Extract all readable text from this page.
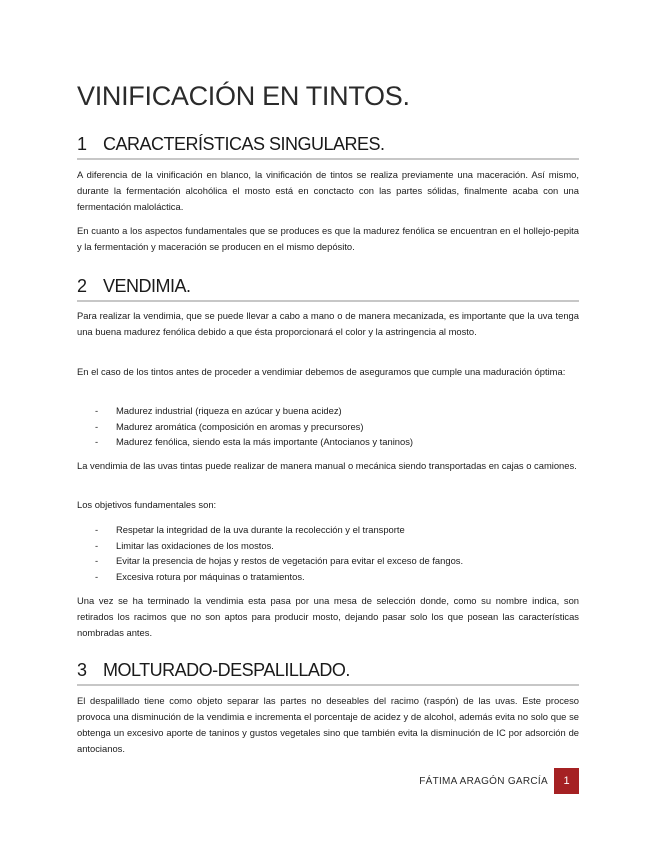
VINIFICACIÓN EN TINTOS.
1 CARACTERÍSTICAS SINGULARES.

A diferencia de la vinificación en blanco, la vinificación de tintos se realiza previamente una maceración. Así mismo, durante la fermentación alcohólica el mosto está en conctacto con las partes sólidas, finalmente acaba con una fermentación maloláctica.

En cuanto a los aspectos fundamentales que se produces es que la madurez fenólica se encuentran en el hollejo-pepita y la fermentación y maceración se producen en el mismo depósito.

2 VENDIMIA.

Para realizar la vendimia, que se puede llevar a cabo a mano o de manera mecanizada, es importante que la uva tenga una buena madurez fenólica debido a que ésta proporcionará el color y la astringencia al mosto.

En el caso de los tintos antes de proceder a vendimiar debemos de aseguramos que cumple una maduración óptima:

- Madurez industrial (riqueza en azúcar y buena acidez)
- Madurez aromática (composición en aromas y precursores)
- Madurez fenólica, siendo esta la más importante (Antocianos y taninos)

La vendimia de las uvas tintas puede realizar de manera manual o mecánica siendo transportadas en cajas o camiones.

Los objetivos fundamentales son:

- Respetar la integridad de la uva durante la recolección y el transporte
- Limitar las oxidaciones de los mostos.
- Evitar la presencia de hojas y restos de vegetación para evitar el exceso de fangos.
- Excesiva rotura por máquinas o tratamientos.

Una vez se ha terminado la vendimia esta pasa por una mesa de selección donde, como su nombre indica, son retirados los racimos que no son aptos para producir mosto, dejando pasar solo los que posean las características nombradas antes.

3 MOLTURADO-DESPALILLADO.

El despalillado tiene como objeto separar las partes no deseables del racimo (raspón) de las uvas. Este proceso provoca una disminución de la vendimia e incrementa el porcentaje de acidez y de alcohol, además evita no solo que se obtenga un excesivo aporte de taninos y gustos vegetales sino que también evita la disminución de IC por adsorción de antocianos.

FÁTIMA ARAGÓN GARCÍA	1
